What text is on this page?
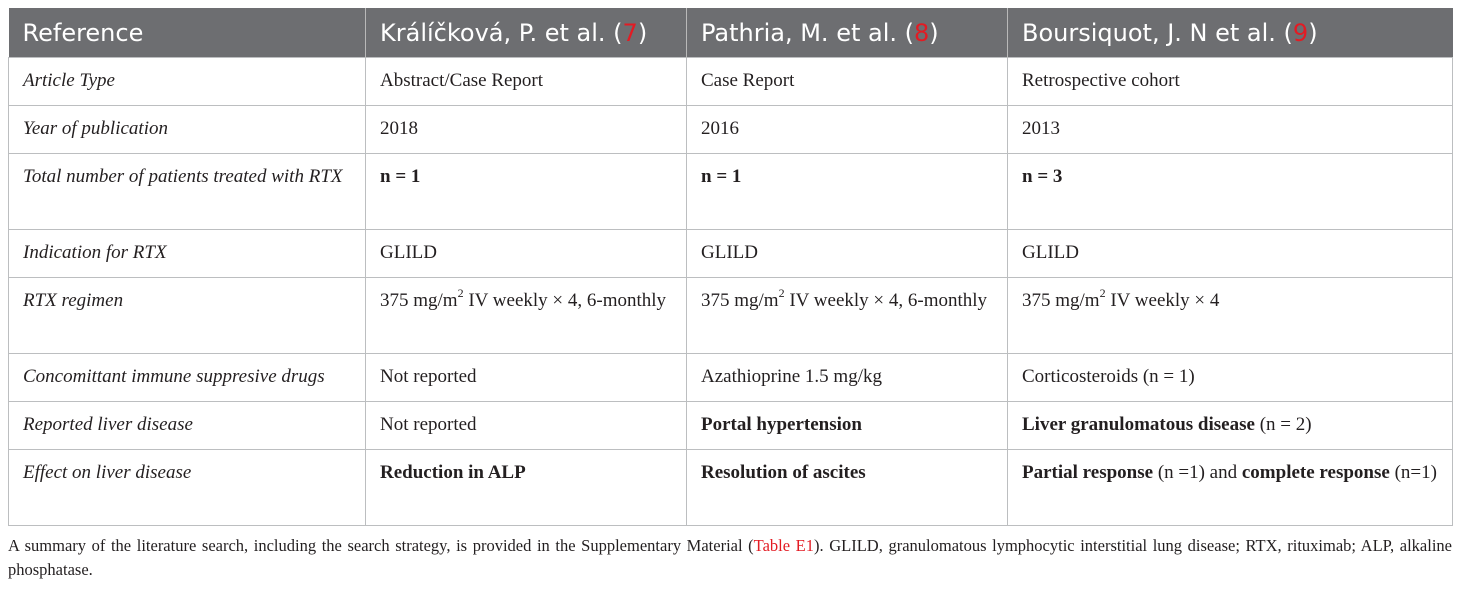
Reference	Králíčková, P. et al. (7)	Pathria, M. et al. (8)	Boursiquot, J. N et al. (9)
Article Type	Abstract/Case Report	Case Report	Retrospective cohort
Year of publication	2018	2016	2013
Total number of patients treated with RTX	n = 1	n = 1	n = 3
Indication for RTX	GLILD	GLILD	GLILD
RTX regimen	375 $mg/m^2$ IV weekly × 4, 6-monthly	375 $mg/m^2$ IV weekly × 4, 6-monthly	375 $mg/m^2$ IV weekly × 4
Concomittant immune suppresive drugs	Not reported	Azathioprine 1.5 mg/kg	Corticosteroids (n = 1)
Reported liver disease	Not reported	Portal hypertension	Liver granulomatous disease (n = 2)
Effect on liver disease	Reduction in ALP	Resolution of ascites	Partial response (n =1) and complete response (n=1)
A summary of the literature search, including the search strategy, is provided in the Supplementary Material (Table E1). GLILD, granulomatous lymphocytic interstitial lung disease; RTX, rituximab; ALP, alkaline phosphatase.
